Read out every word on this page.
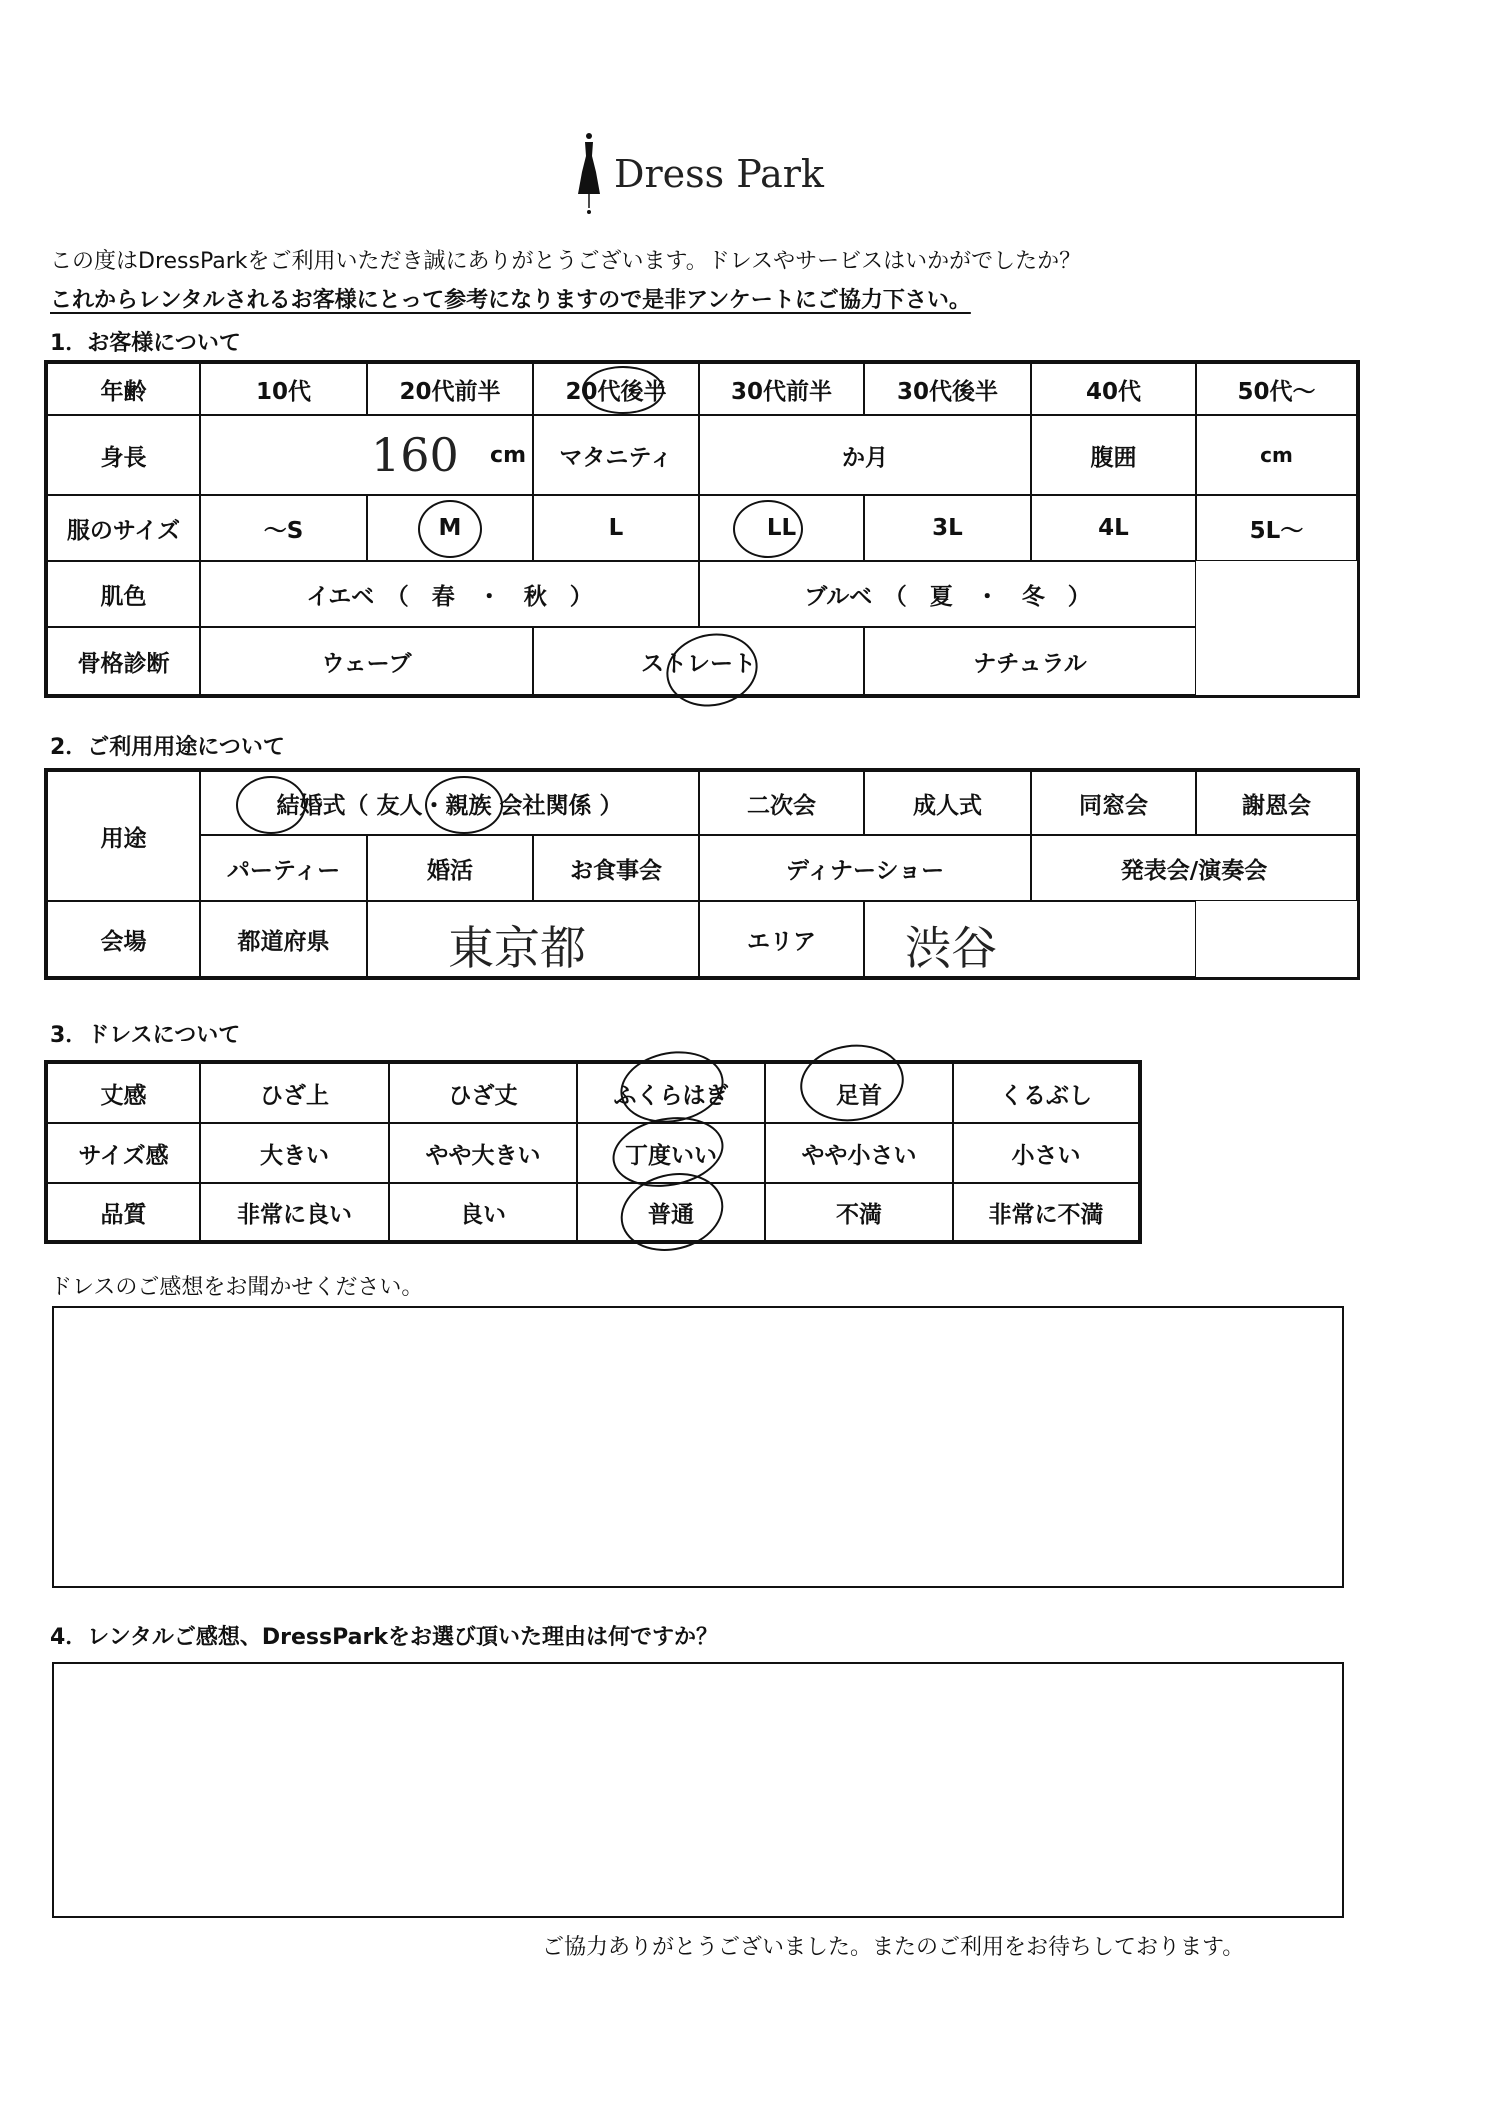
Dress Park
この度はDressParkをご利用いただき誠にありがとうございます。ドレスやサービスはいかがでしたか？
これからレンタルされるお客様にとって参考になりますので是非アンケートにご協力下さい。
1．お客様について
年齢	10代	20代前半	20代後半	30代前半	30代後半	40代	50代〜
身長	160 cm	マタニティ	か月	腹囲	cm
服のサイズ	〜S	M	L	LL	3L	4L	5L〜
肌色	イエベ　（　春　・　秋　）	ブルベ　（　夏　・　冬　）
骨格診断	ウェーブ	ストレート	ナチュラル
2．ご利用用途について
用途
結婚式（ 友人・親族 会社関係 ）	二次会	成人式	同窓会	謝恩会
パーティー	婚活	お食事会	ディナーショー	発表会/演奏会
会場	都道府県	東京都	エリア	渋谷
3．ドレスについて
丈感	ひざ上	ひざ丈	ふくらはぎ	足首	くるぶし
サイズ感	大きい	やや大きい	丁度いい	やや小さい	小さい
品質	非常に良い	良い	普通	不満	非常に不満
ドレスのご感想をお聞かせください。
4．レンタルご感想、DressParkをお選び頂いた理由は何ですか？
ご協力ありがとうございました。またのご利用をお待ちしております。
